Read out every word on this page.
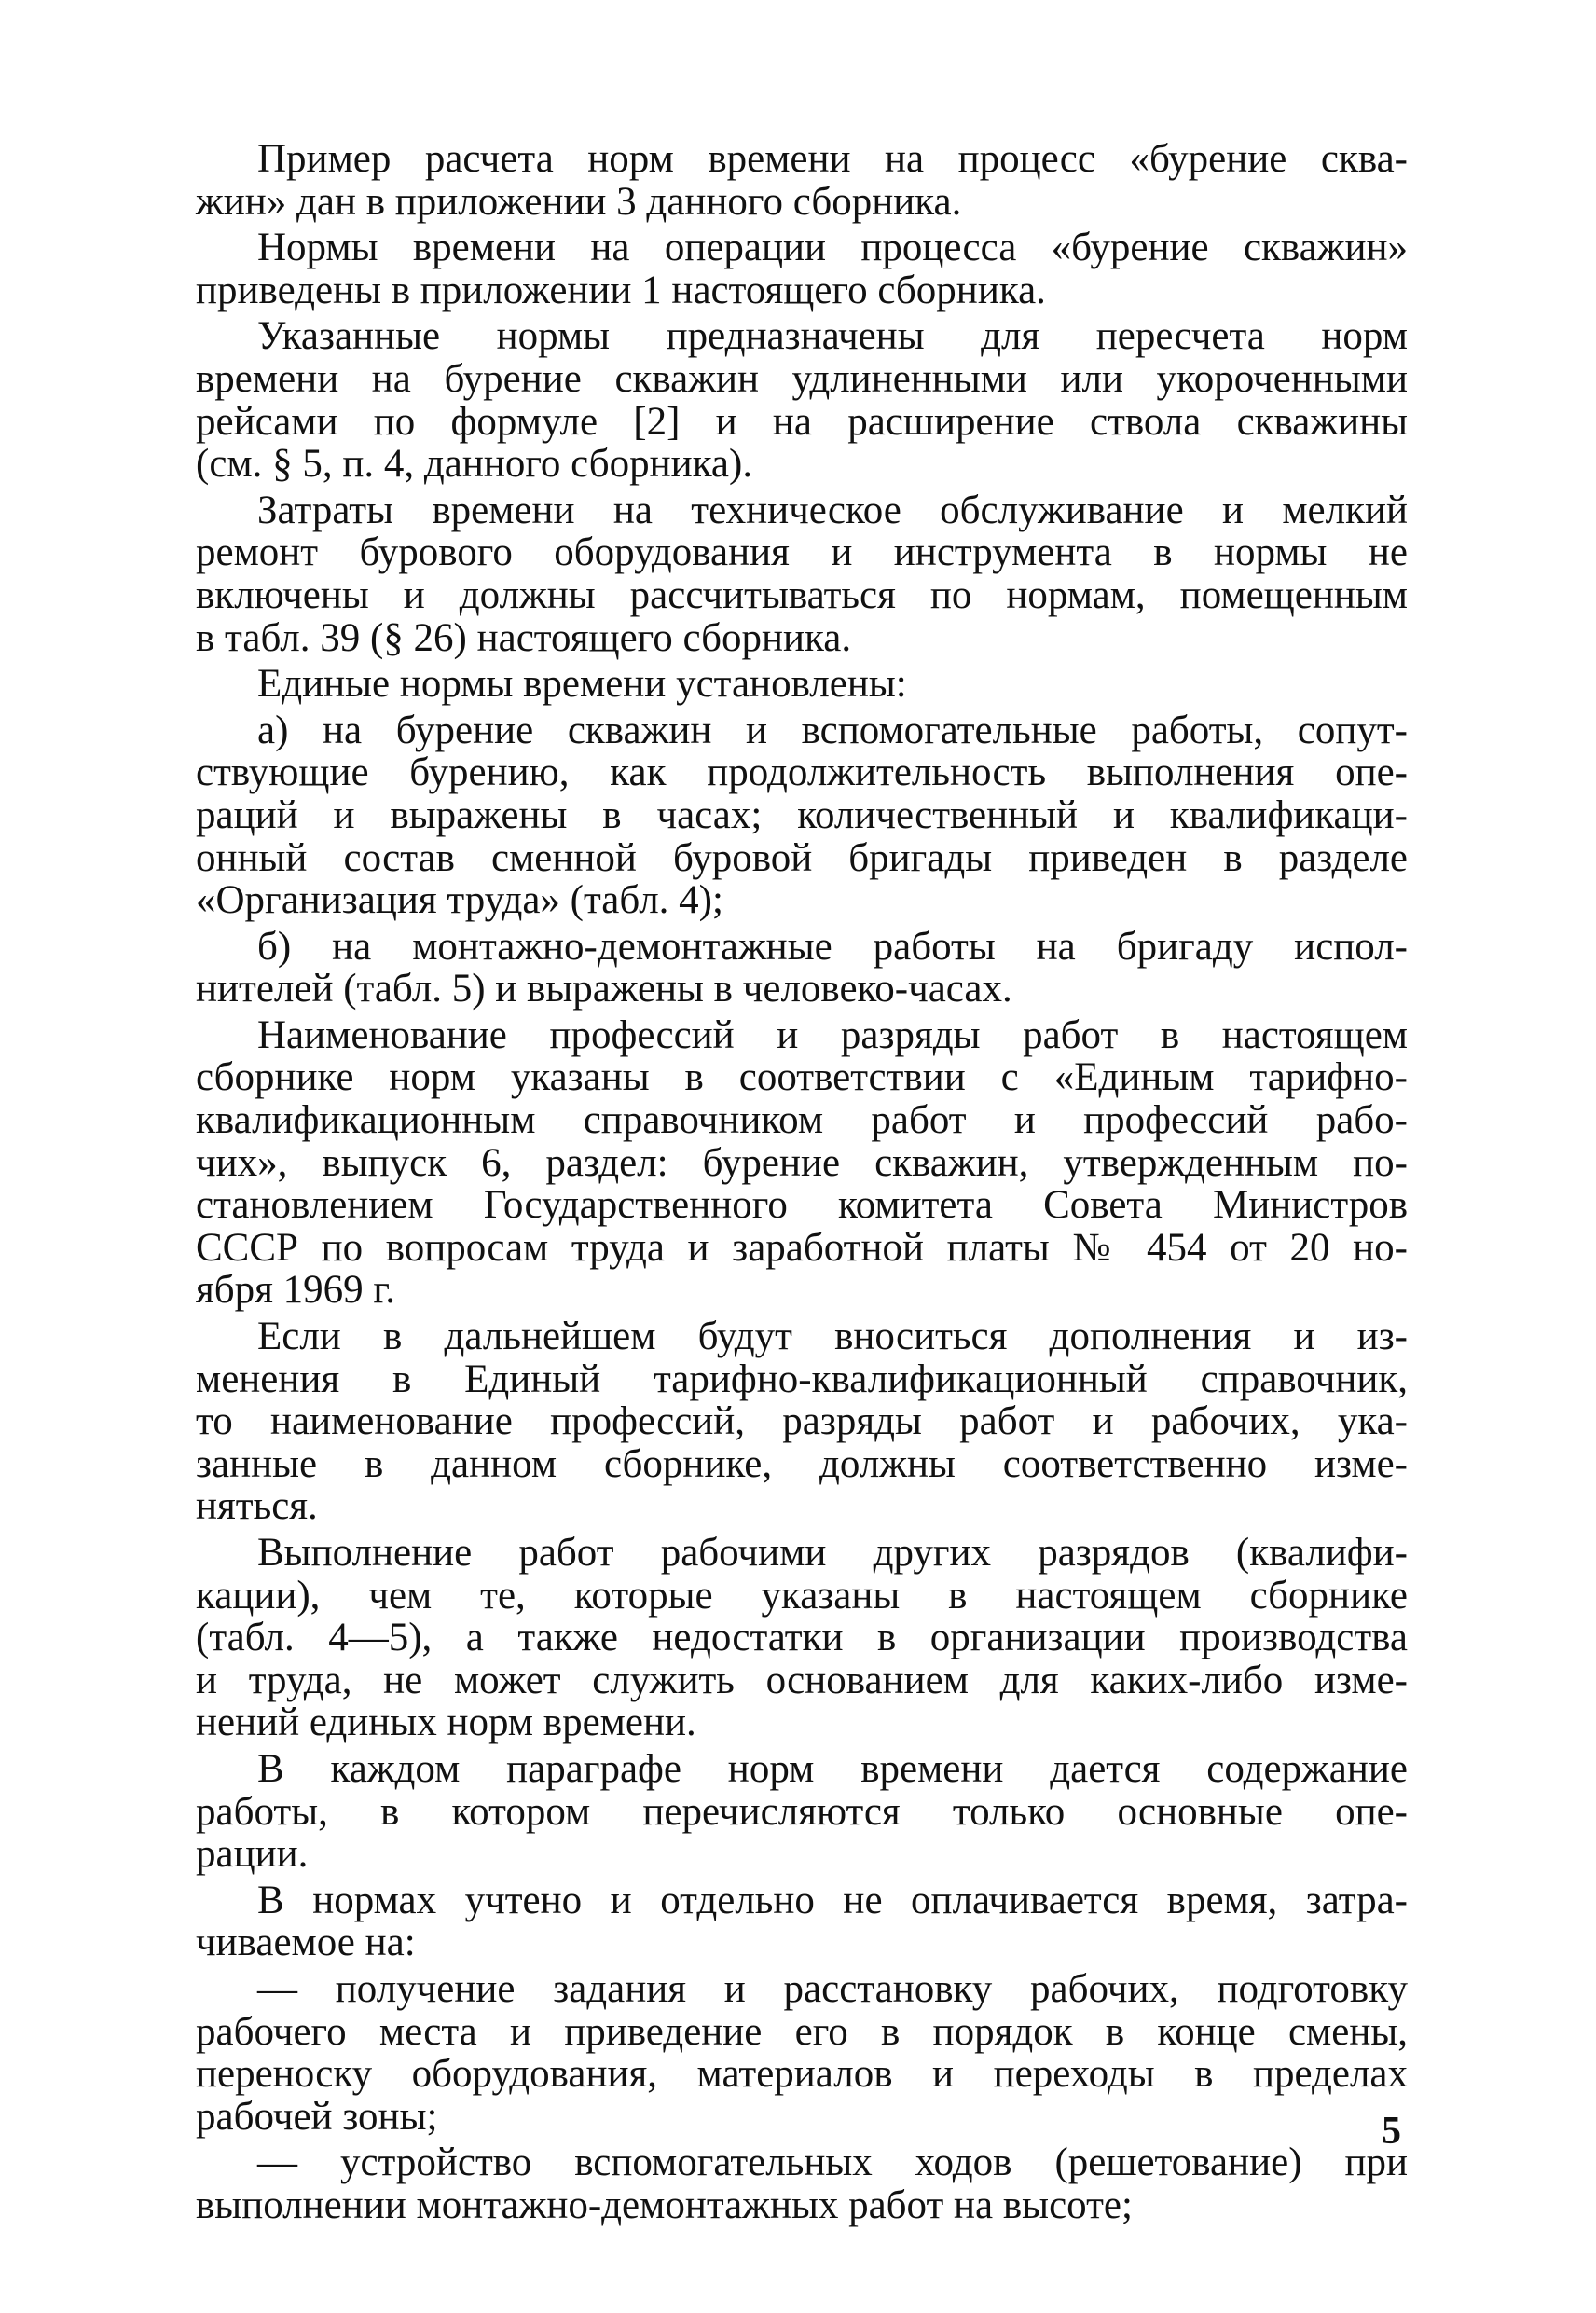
Пример расчета норм времени на процесс «бурение сква-
жин» дан в приложении 3 данного сборника.
Нормы времени на операции процесса «бурение скважин»
приведены в приложении 1 настоящего сборника.
Указанные нормы предназначены для пересчета норм
времени на бурение скважин удлиненными или укороченными
рейсами по формуле [2] и на расширение ствола скважины
(см. § 5, п. 4, данного сборника).
Затраты времени на техническое обслуживание и мелкий
ремонт бурового оборудования и инструмента в нормы не
включены и должны рассчитываться по нормам, помещенным
в табл. 39 (§ 26) настоящего сборника.
Единые нормы времени установлены:
а) на бурение скважин и вспомогательные работы, сопут-
ствующие бурению, как продолжительность выполнения опе-
раций и выражены в часах; количественный и квалификаци-
онный состав сменной буровой бригады приведен в разделе
«Организация труда» (табл. 4);
б) на монтажно-демонтажные работы на бригаду испол-
нителей (табл. 5) и выражены в человеко-часах.
Наименование профессий и разряды работ в настоящем
сборнике норм указаны в соответствии с «Единым тарифно-
квалификационным справочником работ и профессий рабо-
чих», выпуск 6, раздел: бурение скважин, утвержденным по-
становлением Государственного комитета Совета Министров
СССР по вопросам труда и заработной платы № 454 от 20 но-
ября 1969 г.
Если в дальнейшем будут вноситься дополнения и из-
менения в Единый тарифно-квалификационный справочник,
то наименование профессий, разряды работ и рабочих, ука-
занные в данном сборнике, должны соответственно изме-
няться.
Выполнение работ рабочими других разрядов (квалифи-
кации), чем те, которые указаны в настоящем сборнике
(табл. 4—5), а также недостатки в организации производства
и труда, не может служить основанием для каких-либо изме-
нений единых норм времени.
В каждом параграфе норм времени дается содержание
работы, в котором перечисляются только основные опе-
рации.
В нормах учтено и отдельно не оплачивается время, затра-
чиваемое на:
— получение задания и расстановку рабочих, подготовку
рабочего места и приведение его в порядок в конце смены,
переноску оборудования, материалов и переходы в пределах
рабочей зоны;
— устройство вспомогательных ходов (решетование) при
выполнении монтажно-демонтажных работ на высоте;
5
